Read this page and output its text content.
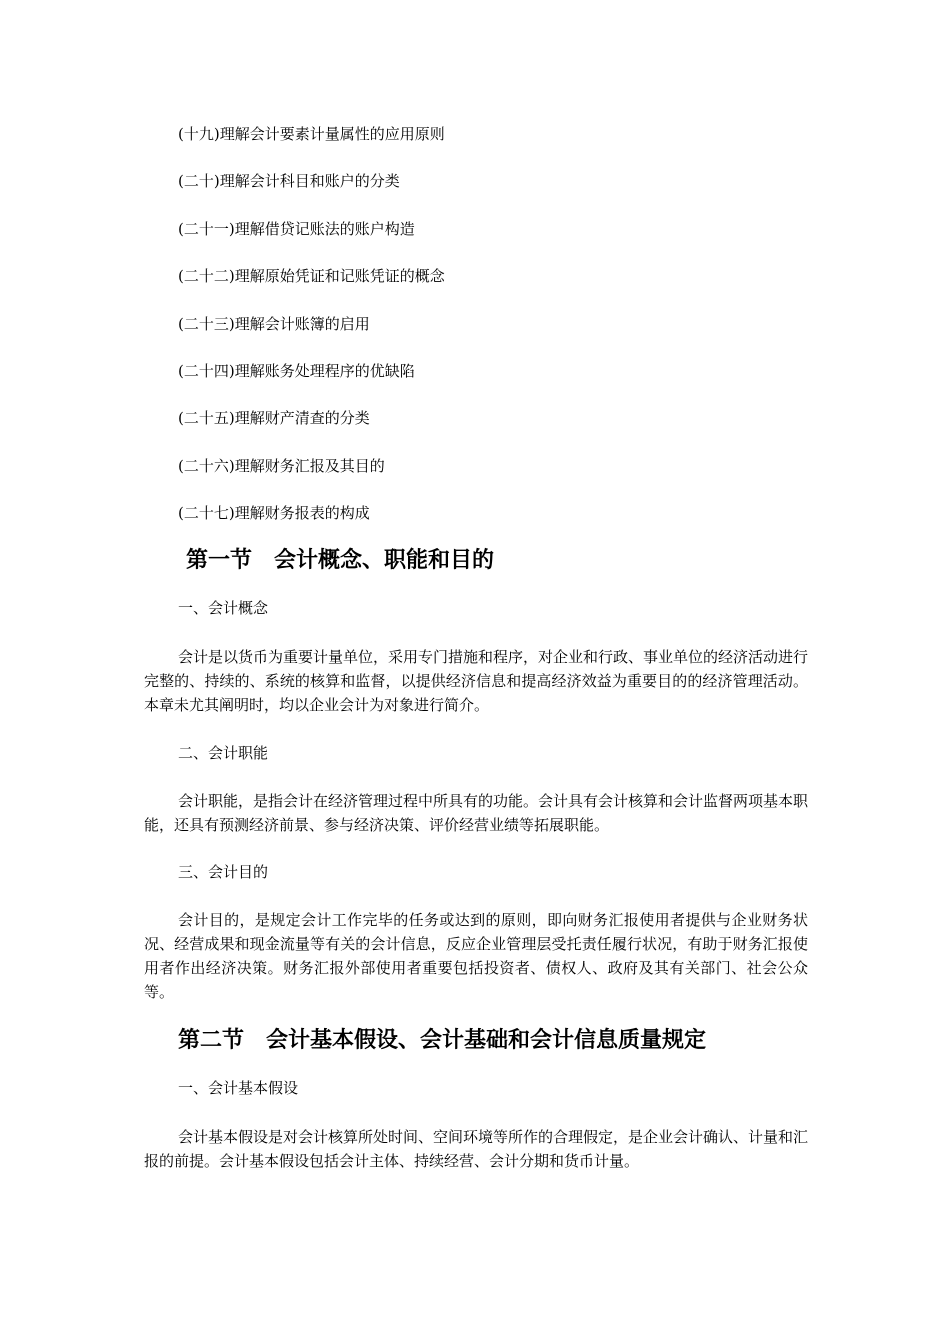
(十九)理解会计要素计量属性的应用原则
(二十)理解会计科目和账户的分类
(二十一)理解借贷记账法的账户构造
(二十二)理解原始凭证和记账凭证的概念
(二十三)理解会计账簿的启用
(二十四)理解账务处理程序的优缺陷
(二十五)理解财产清查的分类
(二十六)理解财务汇报及其目的
(二十七)理解财务报表的构成
第一节　会计概念、职能和目的

一、会计概念

会计是以货币为重要计量单位，采用专门措施和程序，对企业和行政、事业单位的经济活动进行完整的、持续的、系统的核算和监督，以提供经济信息和提高经济效益为重要目的的经济管理活动。本章未尤其阐明时，均以企业会计为对象进行简介。

二、会计职能

会计职能，是指会计在经济管理过程中所具有的功能。会计具有会计核算和会计监督两项基本职能，还具有预测经济前景、参与经济决策、评价经营业绩等拓展职能。

三、会计目的

会计目的，是规定会计工作完毕的任务或达到的原则，即向财务汇报使用者提供与企业财务状况、经营成果和现金流量等有关的会计信息，反应企业管理层受托责任履行状况，有助于财务汇报使用者作出经济决策。财务汇报外部使用者重要包括投资者、债权人、政府及其有关部门、社会公众等。

第二节　会计基本假设、会计基础和会计信息质量规定

一、会计基本假设

会计基本假设是对会计核算所处时间、空间环境等所作的合理假定，是企业会计确认、计量和汇报的前提。会计基本假设包括会计主体、持续经营、会计分期和货币计量。
